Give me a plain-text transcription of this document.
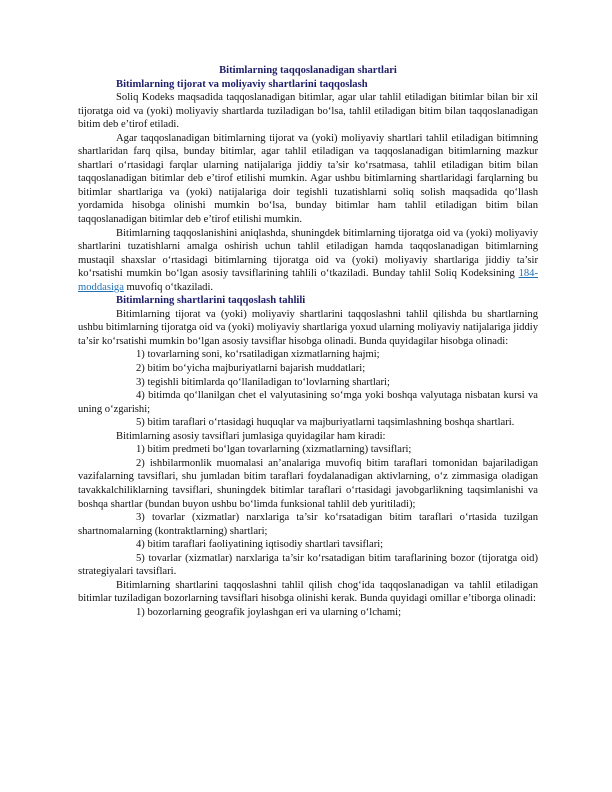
Bitimlarning taqqoslanadigan shartlari

Bitimlarning tijorat va moliyaviy shartlarini taqqoslash

Soliq Kodeks maqsadida taqqoslanadigan bitimlar, agar ular tahlil etiladigan bitimlar bilan bir xil tijoratga oid va (yoki) moliyaviy shartlarda tuziladigan bo‘lsa, tahlil etiladigan bitim bilan taqqoslanadigan bitim deb e’tirof etiladi.

Agar taqqoslanadigan bitimlarning tijorat va (yoki) moliyaviy shartlari tahlil etiladigan bitimning shartlaridan farq qilsa, bunday bitimlar, agar tahlil etiladigan va taqqoslanadigan bitimlarning mazkur shartlari o‘rtasidagi farqlar ularning natijalariga jiddiy ta’sir ko‘rsatmasa, tahlil etiladigan bitim bilan taqqoslanadigan bitimlar deb e’tirof etilishi mumkin. Agar ushbu bitimlarning shartlaridagi farqlarning bu bitimlar shartlariga va (yoki) natijalariga doir tegishli tuzatishlarni soliq solish maqsadida qo‘llash yordamida hisobga olinishi mumkin bo‘lsa, bunday bitimlar ham tahlil etiladigan bitim bilan taqqoslanadigan bitimlar deb e’tirof etilishi mumkin.

Bitimlarning taqqoslanishini aniqlashda, shuningdek bitimlarning tijoratga oid va (yoki) moliyaviy shartlarini tuzatishlarni amalga oshirish uchun tahlil etiladigan hamda taqqoslanadigan bitimlarning mustaqil shaxslar o‘rtasidagi bitimlarning tijoratga oid va (yoki) moliyaviy shartlariga jiddiy ta’sir ko‘rsatishi mumkin bo‘lgan asosiy tavsiflarining tahlili o‘tkaziladi. Bunday tahlil Soliq Kodeksining 184-moddasiga muvofiq o‘tkaziladi.

Bitimlarning shartlarini taqqoslash tahlili

Bitimlarning tijorat va (yoki) moliyaviy shartlarini taqqoslashni tahlil qilishda bu shartlarning ushbu bitimlarning tijoratga oid va (yoki) moliyaviy shartlariga yoxud ularning moliyaviy natijalariga jiddiy ta’sir ko‘rsatishi mumkin bo‘lgan asosiy tavsiflar hisobga olinadi. Bunda quyidagilar hisobga olinadi:

1) tovarlarning soni, ko‘rsatiladigan xizmatlarning hajmi;

2) bitim bo‘yicha majburiyatlarni bajarish muddatlari;

3) tegishli bitimlarda qo‘llaniladigan to‘lovlarning shartlari;

4) bitimda qo‘llanilgan chet el valyutasining so‘mga yoki boshqa valyutaga nisbatan kursi va uning o‘zgarishi;

5) bitim taraflari o‘rtasidagi huquqlar va majburiyatlarni taqsimlashning boshqa shartlari.

Bitimlarning asosiy tavsiflari jumlasiga quyidagilar ham kiradi:

1) bitim predmeti bo‘lgan tovarlarning (xizmatlarning) tavsiflari;

2) ishbilarmonlik muomalasi an’analariga muvofiq bitim taraflari tomonidan bajariladigan vazifalarning tavsiflari, shu jumladan bitim taraflari foydalanadigan aktivlarning, o‘z zimmasiga oladigan tavakkalchiliklarning tavsiflari, shuningdek bitimlar taraflari o‘rtasidagi javobgarlikning taqsimlanishi va boshqa shartlar (bundan buyon ushbu bo‘limda funksional tahlil deb yuritiladi);

3) tovarlar (xizmatlar) narxlariga ta’sir ko‘rsatadigan bitim taraflari o‘rtasida tuzilgan shartnomalarning (kontraktlarning) shartlari;

4) bitim taraflari faoliyatining iqtisodiy shartlari tavsiflari;

5) tovarlar (xizmatlar) narxlariga ta’sir ko‘rsatadigan bitim taraflarining bozor (tijoratga oid) strategiyalari tavsiflari.

Bitimlarning shartlarini taqqoslashni tahlil qilish chog‘ida taqqoslanadigan va tahlil etiladigan bitimlar tuziladigan bozorlarning tavsiflari hisobga olinishi kerak. Bunda quyidagi omillar e’tiborga olinadi:

1) bozorlarning geografik joylashgan eri va ularning o‘lchami;
